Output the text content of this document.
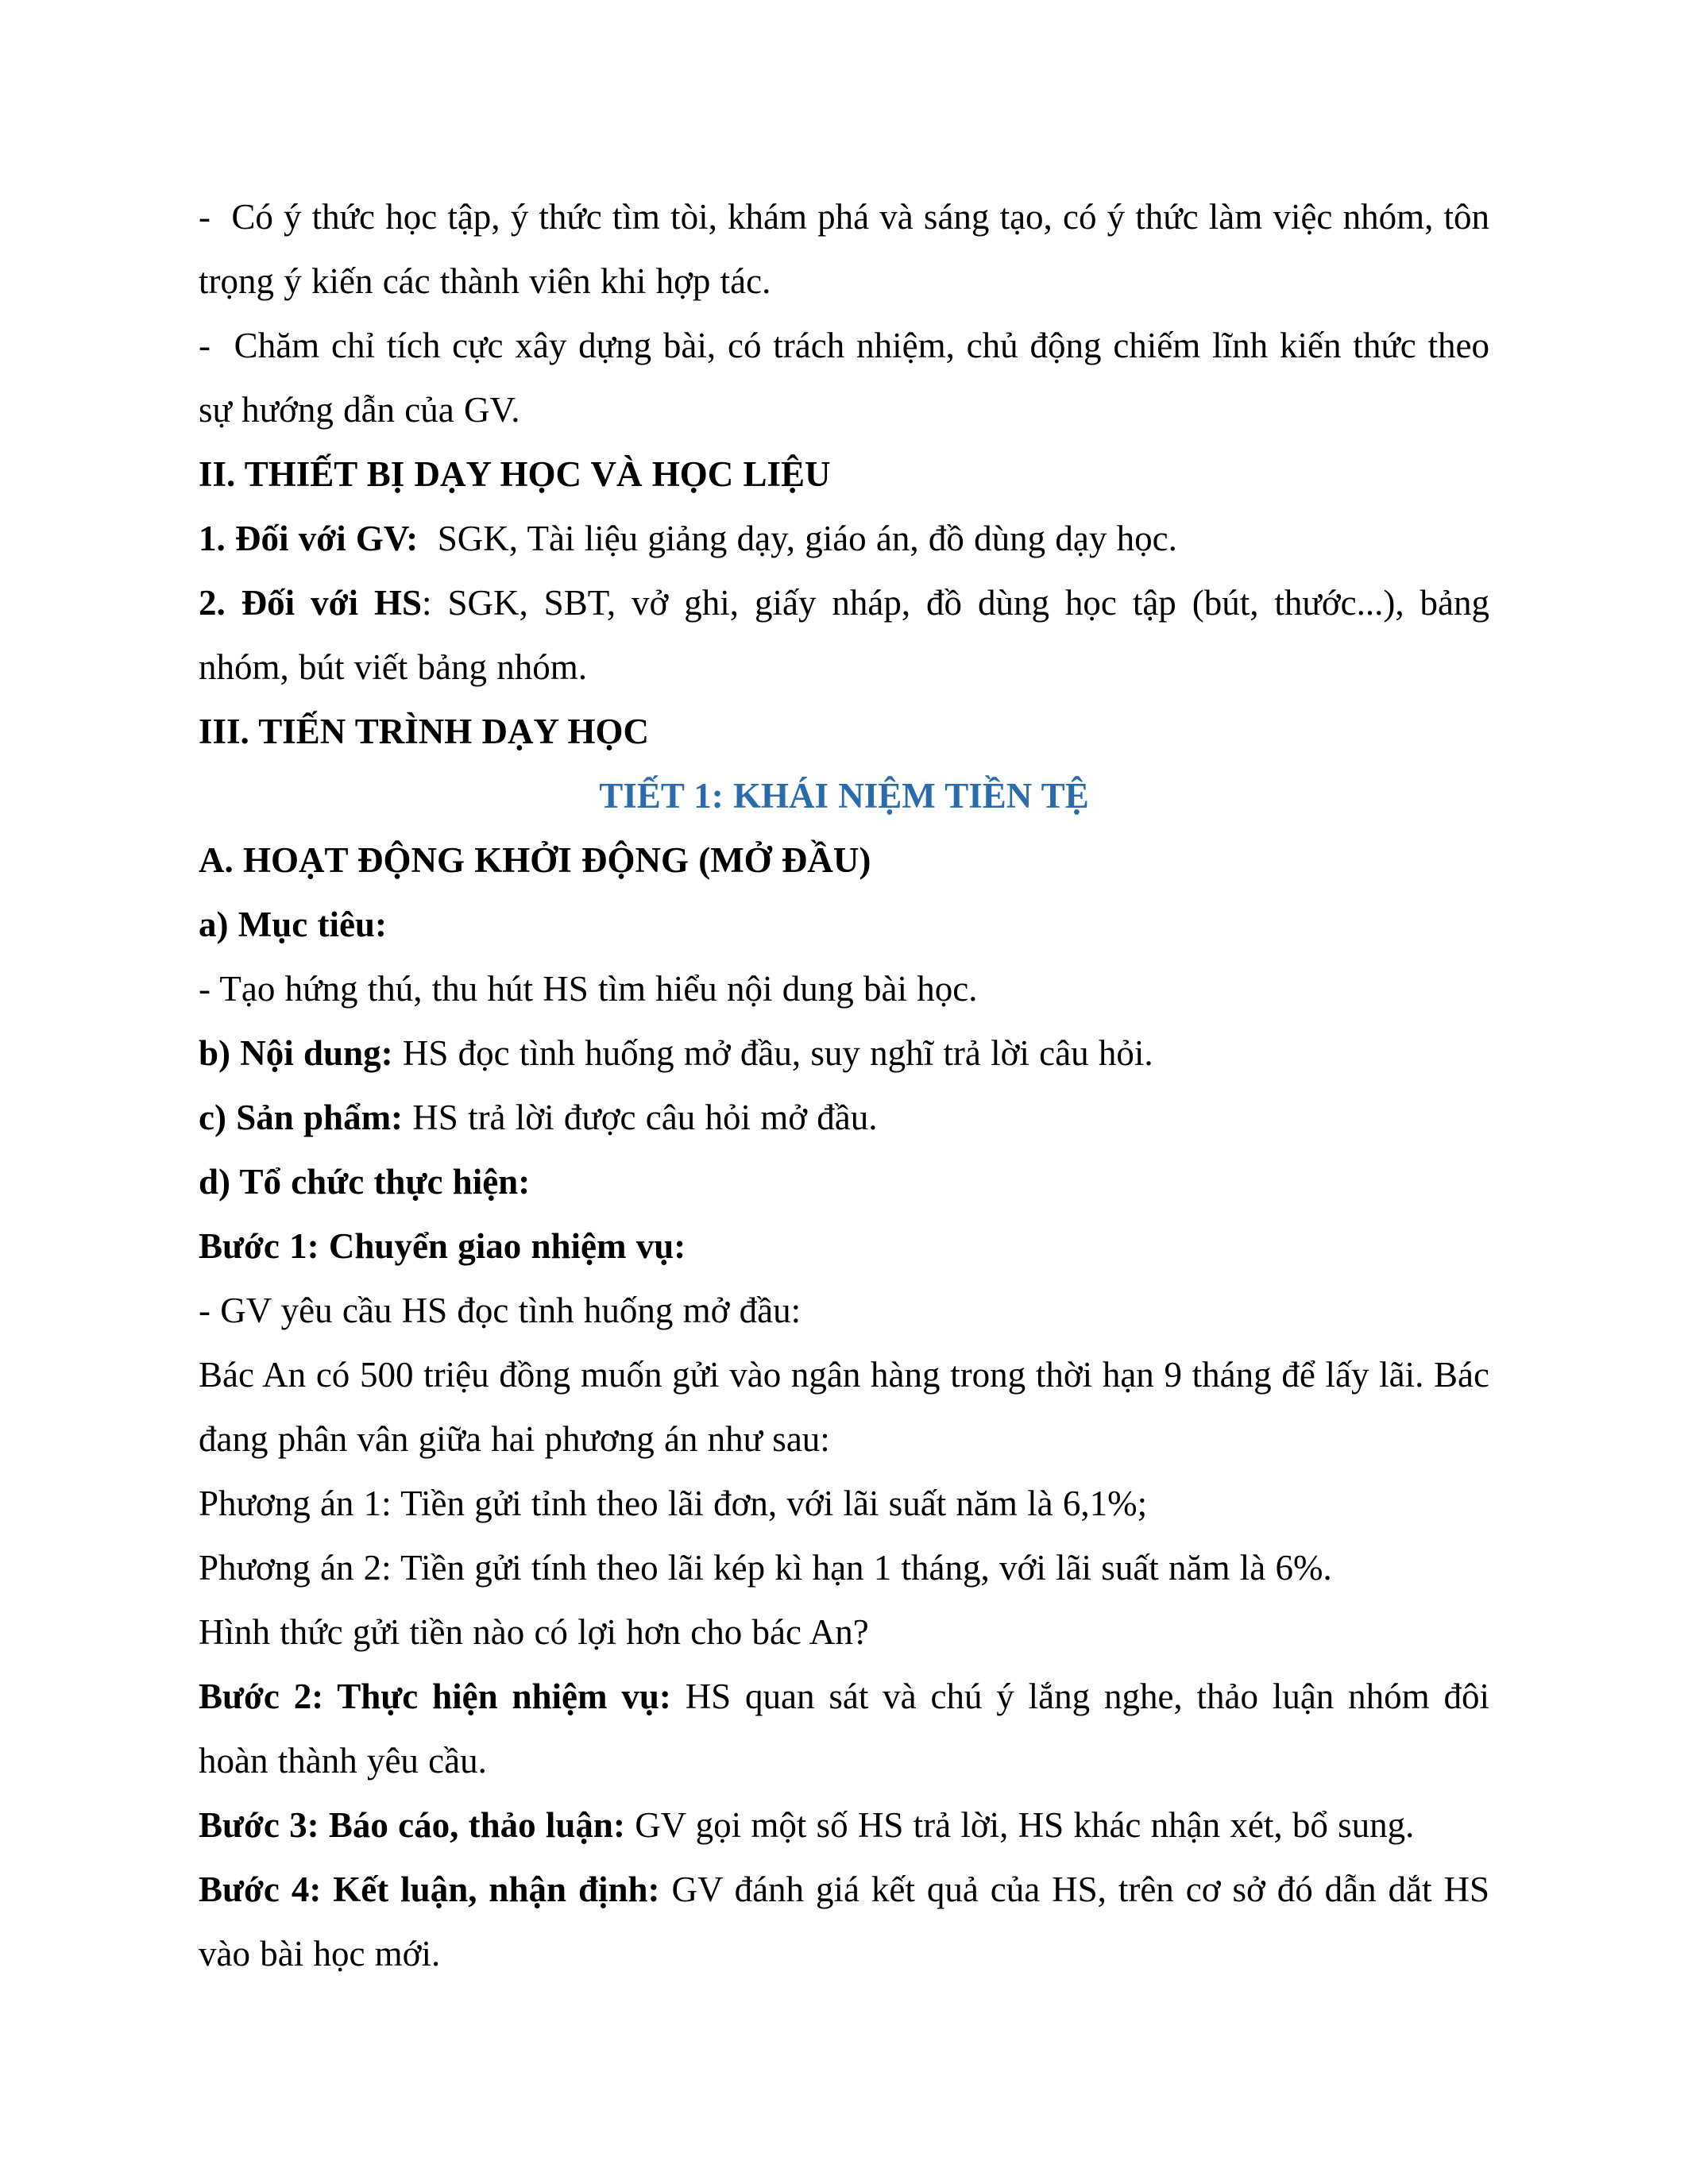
-  Có ý thức học tập, ý thức tìm tòi, khám phá và sáng tạo, có ý thức làm việc nhóm, tôn trọng ý kiến các thành viên khi hợp tác.

-  Chăm chỉ tích cực xây dựng bài, có trách nhiệm, chủ động chiếm lĩnh kiến thức theo sự hướng dẫn của GV.

II. THIẾT BỊ DẠY HỌC VÀ HỌC LIỆU

1. Đối với GV:  SGK, Tài liệu giảng dạy, giáo án, đồ dùng dạy học.

2. Đối với HS: SGK, SBT, vở ghi, giấy nháp, đồ dùng học tập (bút, thước...), bảng nhóm, bút viết bảng nhóm.

III. TIẾN TRÌNH DẠY HỌC

TIẾT 1: KHÁI NIỆM TIỀN TỆ

A. HOẠT ĐỘNG KHỞI ĐỘNG (MỞ ĐẦU)

a) Mục tiêu:

- Tạo hứng thú, thu hút HS tìm hiểu nội dung bài học.

b) Nội dung: HS đọc tình huống mở đầu, suy nghĩ trả lời câu hỏi.

c) Sản phẩm: HS trả lời được câu hỏi mở đầu.

d) Tổ chức thực hiện:

Bước 1: Chuyển giao nhiệm vụ:

- GV yêu cầu HS đọc tình huống mở đầu:

Bác An có 500 triệu đồng muốn gửi vào ngân hàng trong thời hạn 9 tháng để lấy lãi. Bác đang phân vân giữa hai phương án như sau:

Phương án 1: Tiền gửi tỉnh theo lãi đơn, với lãi suất năm là 6,1%;

Phương án 2: Tiền gửi tính theo lãi kép kì hạn 1 tháng, với lãi suất năm là 6%.

Hình thức gửi tiền nào có lợi hơn cho bác An?

Bước 2: Thực hiện nhiệm vụ: HS quan sát và chú ý lắng nghe, thảo luận nhóm đôi hoàn thành yêu cầu.

Bước 3: Báo cáo, thảo luận: GV gọi một số HS trả lời, HS khác nhận xét, bổ sung.

Bước 4: Kết luận, nhận định: GV đánh giá kết quả của HS, trên cơ sở đó dẫn dắt HS vào bài học mới.
